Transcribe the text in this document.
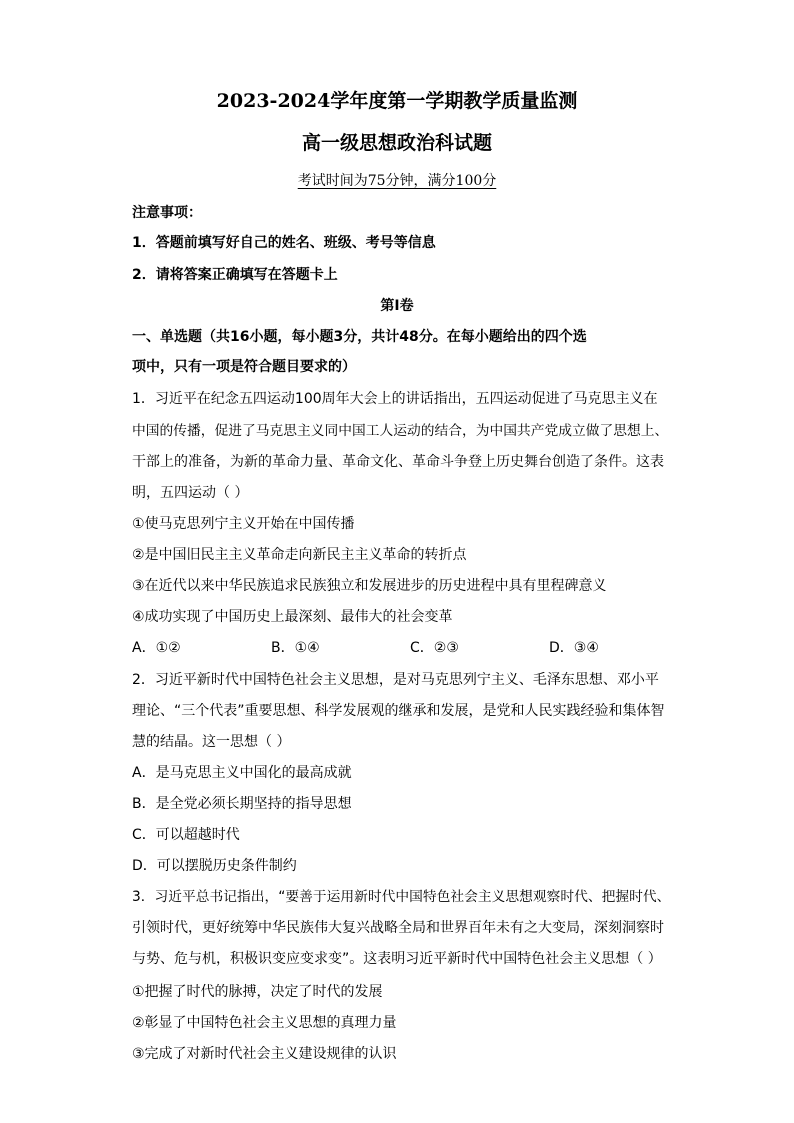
2023-2024学年度第一学期教学质量监测
高一级思想政治科试题
考试时间为75分钟，满分100分
注意事项：
1．答题前填写好自己的姓名、班级、考号等信息
2．请将答案正确填写在答题卡上
第I卷
一、单选题（共16小题，每小题3分，共计48分。在每小题给出的四个选
项中，只有一项是符合题目要求的）
1．习近平在纪念五四运动100周年大会上的讲话指出，五四运动促进了马克思主义在
中国的传播，促进了马克思主义同中国工人运动的结合，为中国共产党成立做了思想上、
干部上的准备，为新的革命力量、革命文化、革命斗争登上历史舞台创造了条件。这表
明，五四运动（ ）
①使马克思列宁主义开始在中国传播
②是中国旧民主主义革命走向新民主主义革命的转折点
③在近代以来中华民族追求民族独立和发展进步的历史进程中具有里程碑意义
④成功实现了中国历史上最深刻、最伟大的社会变革
A．①②	B．①④	C．②③	D．③④
2．习近平新时代中国特色社会主义思想，是对马克思列宁主义、毛泽东思想、邓小平
理论、“三个代表”重要思想、科学发展观的继承和发展，是党和人民实践经验和集体智
慧的结晶。这一思想（ ）
A．是马克思主义中国化的最高成就
B．是全党必须长期坚持的指导思想
C．可以超越时代
D．可以摆脱历史条件制约
3．习近平总书记指出，“要善于运用新时代中国特色社会主义思想观察时代、把握时代、
引领时代，更好统筹中华民族伟大复兴战略全局和世界百年未有之大变局，深刻洞察时
与势、危与机，积极识变应变求变”。这表明习近平新时代中国特色社会主义思想（ ）
①把握了时代的脉搏，决定了时代的发展
②彰显了中国特色社会主义思想的真理力量
③完成了对新时代社会主义建设规律的认识
